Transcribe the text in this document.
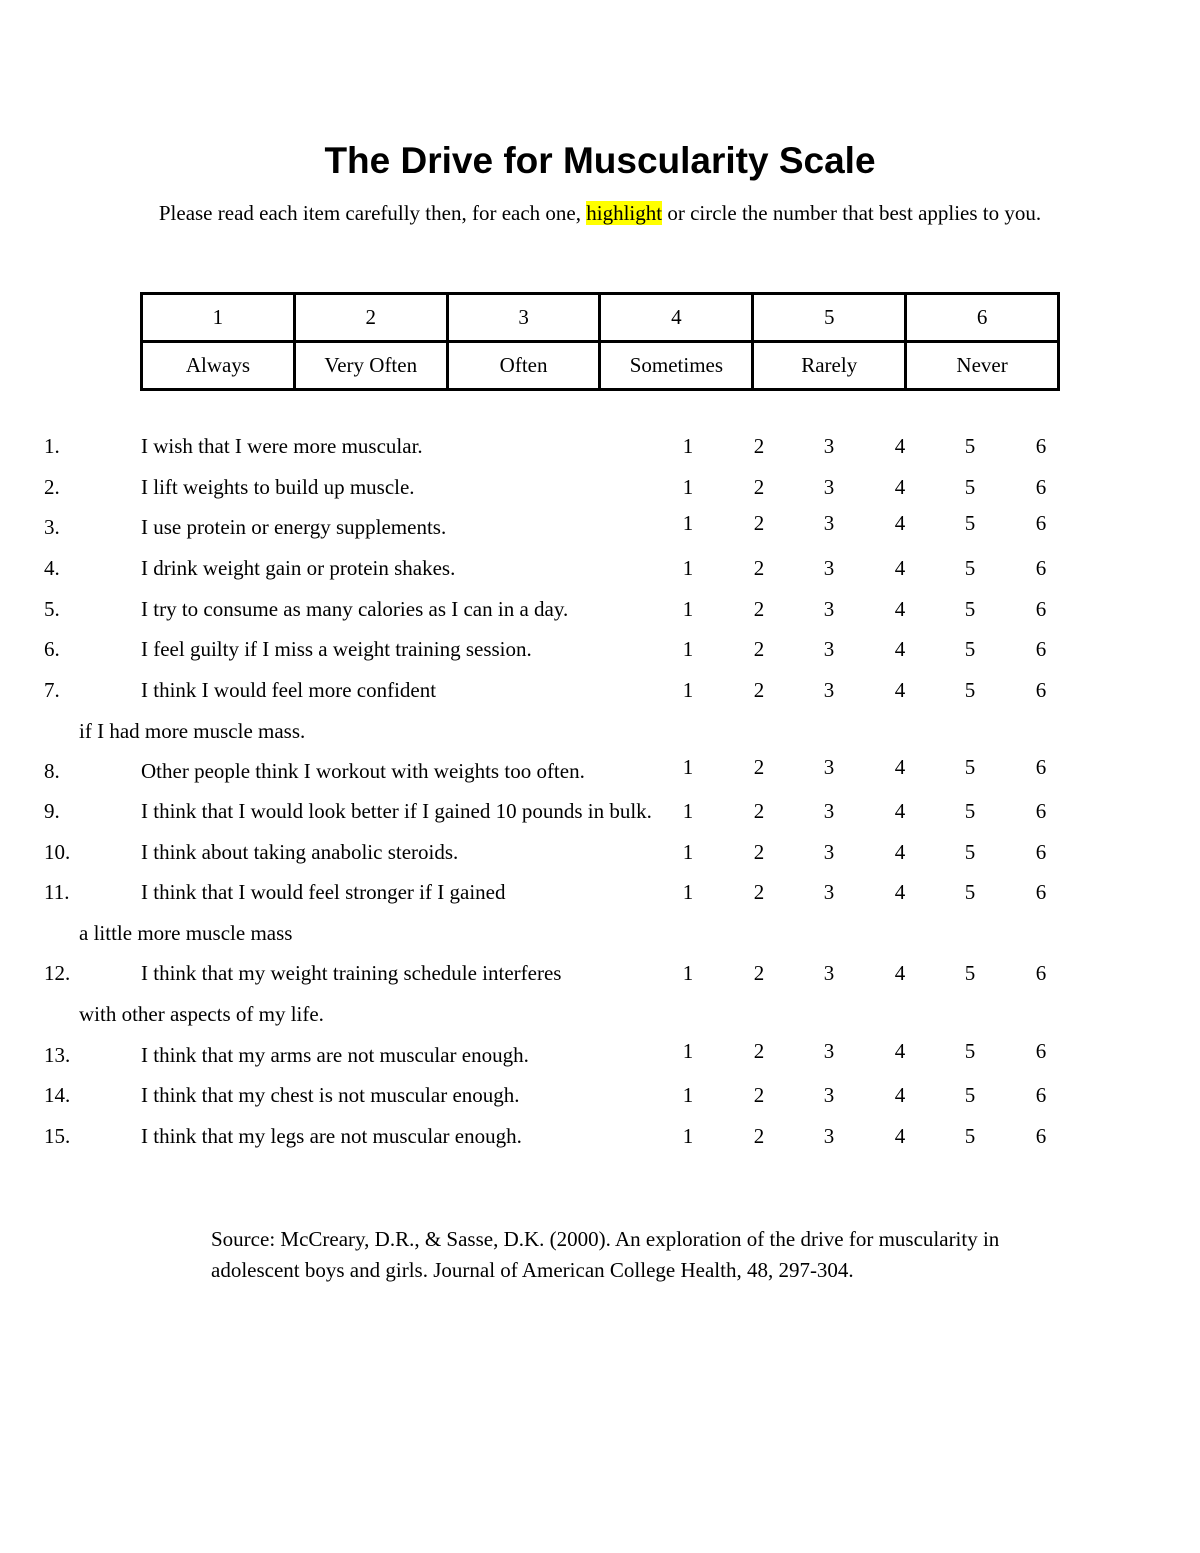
The Drive for Muscularity Scale
Please read each item carefully then, for each one, highlight or circle the number that best applies to you.
1	2	3	4	5	6
Always	Very Often	Often	Sometimes	Rarely	Never
1.	I wish that I were more muscular.	1	2	3	4	5	6
2.	I lift weights to build up muscle.	1	2	3	4	5	6
3.	I use protein or energy supplements.	1	2	3	4	5	6
4.	I drink weight gain or protein shakes.	1	2	3	4	5	6
5.	I try to consume as many calories as I can in a day.	1	2	3	4	5	6
6.	I feel guilty if I miss a weight training session.	1	2	3	4	5	6
7.	I think I would feel more confident
if I had more muscle mass.
1	2	3	4	5	6
8.	Other people think I workout with weights too often.	1	2	3	4	5	6
9.	I think that I would look better if I gained 10 pounds in bulk.	1	2	3	4	5	6
10.	I think about taking anabolic steroids.	1	2	3	4	5	6
11.	I think that I would feel stronger if I gained
a little more muscle mass
1	2	3	4	5	6
12.	I think that my weight training schedule interferes
with other aspects of my life.
1	2	3	4	5	6
13.	I think that my arms are not muscular enough.	1	2	3	4	5	6
14.	I think that my chest is not muscular enough.	1	2	3	4	5	6
15.	I think that my legs are not muscular enough.	1	2	3	4	5	6
Source: McCreary, D.R., & Sasse, D.K. (2000). An exploration of the drive for muscularity in adolescent boys and girls. Journal of American College Health, 48, 297-304.
